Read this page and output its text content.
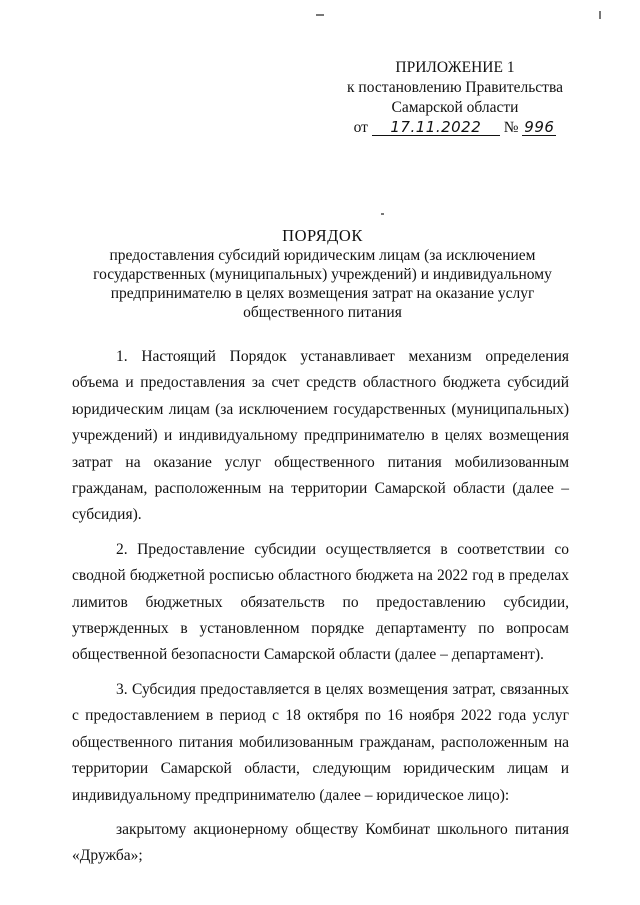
ПРИЛОЖЕНИЕ 1
к постановлению Правительства
Самарской области
от 17.11.2022 № 996
ПОРЯДОК
предоставления субсидий юридическим лицам (за исключением государственных (муниципальных) учреждений) и индивидуальному предпринимателю в целях возмещения затрат на оказание услуг общественного питания

1. Настоящий Порядок устанавливает механизм определения объема и предоставления за счет средств областного бюджета субсидий юридическим лицам (за исключением государственных (муниципальных) учреждений) и индивидуальному предпринимателю в целях возмещения затрат на оказание услуг общественного питания мобилизованным гражданам, расположенным на территории Самарской области (далее – субсидия).

2. Предоставление субсидии осуществляется в соответствии со сводной бюджетной росписью областного бюджета на 2022 год в пределах лимитов бюджетных обязательств по предоставлению субсидии, утвержденных в установленном порядке департаменту по вопросам общественной безопасности Самарской области (далее – департамент).

3. Субсидия предоставляется в целях возмещения затрат, связанных с предоставлением в период с 18 октября по 16 ноября 2022 года услуг общественного питания мобилизованным гражданам, расположенным на территории Самарской области, следующим юридическим лицам и индивидуальному предпринимателю (далее – юридическое лицо):

закрытому акционерному обществу Комбинат школьного питания «Дружба»;
